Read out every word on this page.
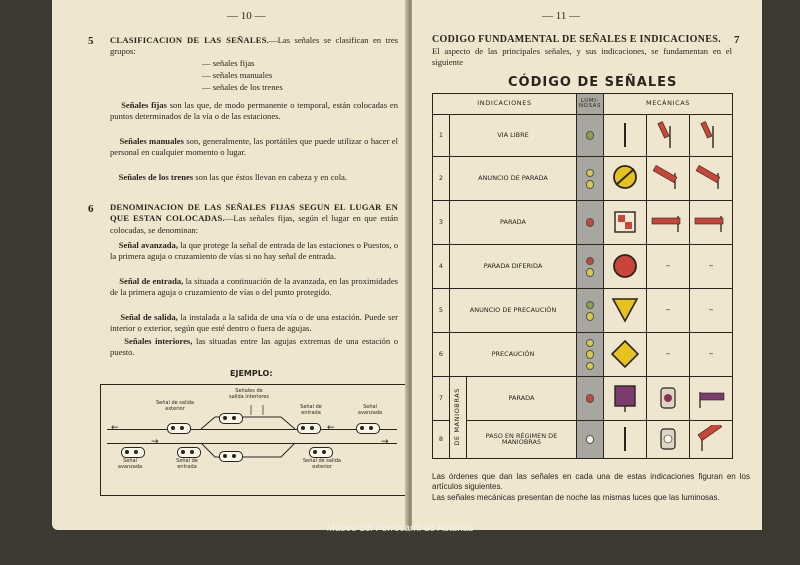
— 10 —
5 CLASIFICACION DE LAS SEÑALES.—Las señales se clasifican en tres grupos:
— señales fijas
— señales manuales
— señales de los trenes
Señales fijas son las que, de modo permanente o temporal, están colocadas en puntos determinados de la vía o de las estaciones.
Señales manuales son, generalmente, las portátiles que puede utilizar o hacer el personal en cualquier momento o lugar.
Señales de los trenes son las que éstos llevan en cabeza y en cola.
6 DENOMINACION DE LAS SEÑALES FIJAS SEGUN EL LUGAR EN QUE ESTAN COLOCADAS.—Las señales fijas, según el lugar en que están colocadas, se denominan:
Señal avanzada, la que protege la señal de entrada de las estaciones o Puestos, o la primera aguja o cruzamiento de vías si no hay señal de entrada.
Señal de entrada, la situada a continuación de la avanzada, en las proximidades de la primera aguja o cruzamiento de vías o del punto protegido.
Señal de salida, la instalada a la salida de una vía o de una estación. Puede ser interior o exterior, según que esté dentro o fuera de agujas.
Señales interiores, las situadas entre las agujas extremas de una estación o puesto.
EJEMPLO:
←	←
→	→
Señal de salida exterior
Señales de salida interiores
Señal de entrada
Señal avanzada
Señal avanzada
Señal de entrada
Señal de salida exterior
— 11 —
CODIGO FUNDAMENTAL DE SEÑALES E INDICACIONES. 7
El aspecto de las principales señales, y sus indicaciones, se fundamentan en el siguiente
CÓDIGO DE SEÑALES
INDICACIONES			LUMI-NOSAS	MECÁNICAS		
1	VIA LIBRE	

2	ANUNCIO DE PARADA	

3	PARADA	

4	PARADA DIFERIDA				–	–
5	ANUNCIO DE PRECAUCIÓN				–	–
6	PRECAUCIÓN				–	–
7	DE MANIOBRAS	PARADA	

8		PASO EN RÉGIMEN DE MANIOBRAS	

Las órdenes que dan las señales en cada una de estas indicaciones figuran en los artículos siguientes.
Las señales mecánicas presentan de noche las mismas luces que las luminosas.
Museo del Ferrocarril de Asturias
